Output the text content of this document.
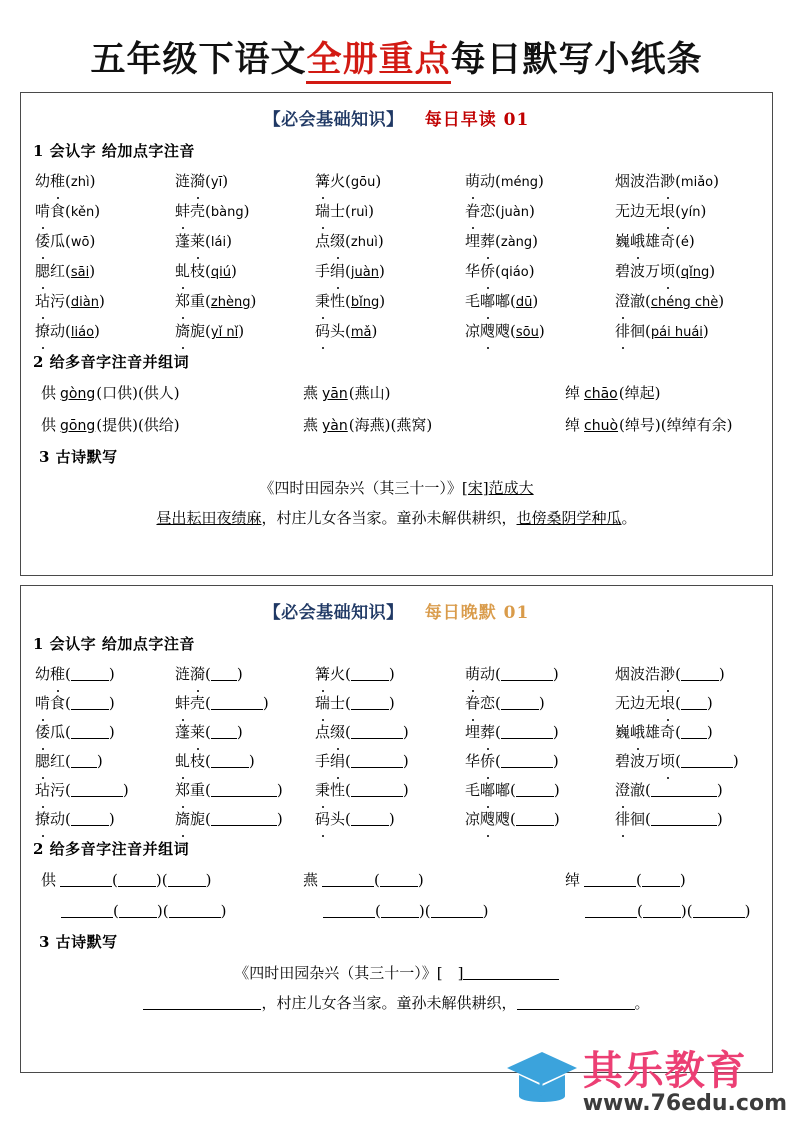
五年级下语文全册重点每日默写小纸条
【必会基础知识】 每日早读 01
1 会认字 给加点字注音
幼稚(zhì)	涟漪(yī)	篝火(gōu)	萌动(méng)	烟波浩渺(miǎo)
啃食(kěn)	蚌壳(bàng)	瑞士(ruì)	眷恋(juàn)	无边无垠(yín)
倭瓜(wō)	蓬莱(lái)	点缀(zhuì)	埋葬(zàng)	巍峨雄奇(é)
腮红(sāi)	虬枝(qiú)	手绢(juàn)	华侨(qiáo)	碧波万顷(qǐng)
玷污(diàn)	郑重(zhèng)	秉性(bǐng)	毛嘟嘟(dū)	澄澈(chéng chè)
撩动(liáo)	旖旎(yǐ nǐ)	码头(mǎ)	凉飕飕(sōu)	徘徊(pái huái)
2 给多音字注音并组词
供 gòng(口供)(供人)	燕 yān(燕山)	绰 chāo(绰起)
供 gōng(提供)(供给)	燕 yàn(海燕)(燕窝)	绰 chuò(绰号)(绰绰有余)
3 古诗默写
《四时田园杂兴（其三十一）》[宋]范成大
昼出耘田夜绩麻，村庄儿女各当家。童孙未解供耕织，也傍桑阴学种瓜。
【必会基础知识】 每日晚默 01
1 会认字 给加点字注音
幼稚(	)	涟漪( )	篝火(	)	萌动(	)	烟波浩渺(	)
啃食(	)	蚌壳(	)	瑞士(	)	眷恋(	)	无边无垠( )
倭瓜(	)	蓬莱( )	点缀(	)	埋葬(	)	巍峨雄奇( )
腮红( )	虬枝(	)	手绢(	)	华侨(	)	碧波万顷(	)
玷污(	)	郑重(	)	秉性(	)	毛嘟嘟(	)	澄澈(	)
撩动(	)	旖旎(	)	码头(	)	凉飕飕(	)	徘徊(	)
2 给多音字注音并组词
供	(	)(	)	燕	(	)	绰	(	)
(	)(	)	(	)(	)	(	)(	)
3 古诗默写
《四时田园杂兴（其三十一）》[　]
，村庄儿女各当家。童孙未解供耕织，	。
其乐教育
www.76edu.com
